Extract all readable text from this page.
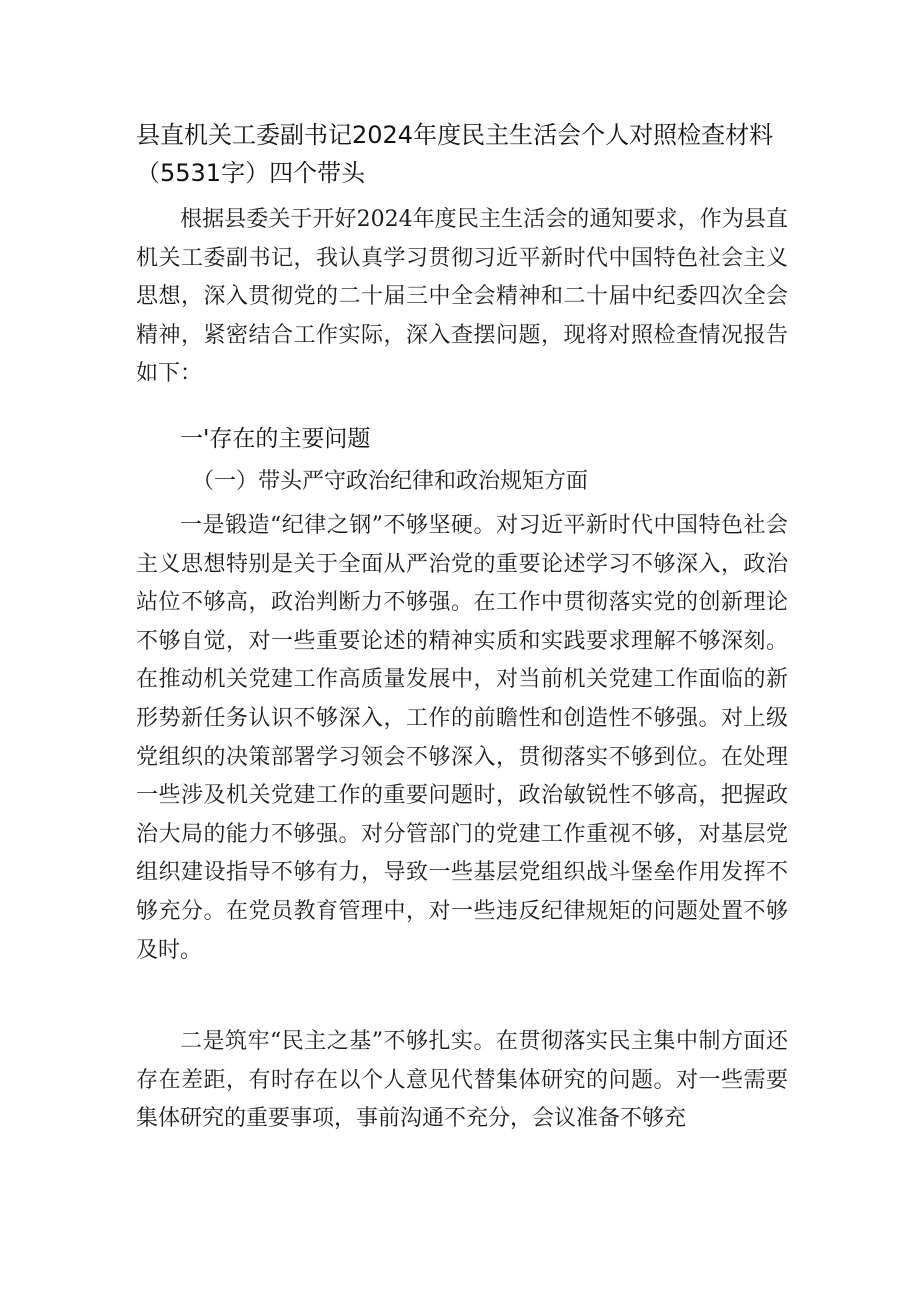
县直机关工委副书记2024年度民主生活会个人对照检查材料（5531字）四个带头

根据县委关于开好2024年度民主生活会的通知要求，作为县直机关工委副书记，我认真学习贯彻习近平新时代中国特色社会主义思想，深入贯彻党的二十届三中全会精神和二十届中纪委四次全会精神，紧密结合工作实际，深入查摆问题，现将对照检查情况报告如下：

一'存在的主要问题

（一）带头严守政治纪律和政治规矩方面

一是锻造“纪律之钢”不够坚硬。对习近平新时代中国特色社会主义思想特别是关于全面从严治党的重要论述学习不够深入，政治站位不够高，政治判断力不够强。在工作中贯彻落实党的创新理论不够自觉，对一些重要论述的精神实质和实践要求理解不够深刻。在推动机关党建工作高质量发展中，对当前机关党建工作面临的新形势新任务认识不够深入，工作的前瞻性和创造性不够强。对上级党组织的决策部署学习领会不够深入，贯彻落实不够到位。在处理一些涉及机关党建工作的重要问题时，政治敏锐性不够高，把握政治大局的能力不够强。对分管部门的党建工作重视不够，对基层党组织建设指导不够有力，导致一些基层党组织战斗堡垒作用发挥不够充分。在党员教育管理中，对一些违反纪律规矩的问题处置不够及时。

二是筑牢“民主之基”不够扎实。在贯彻落实民主集中制方面还存在差距，有时存在以个人意见代替集体研究的问题。对一些需要集体研究的重要事项，事前沟通不充分，会议准备不够充
